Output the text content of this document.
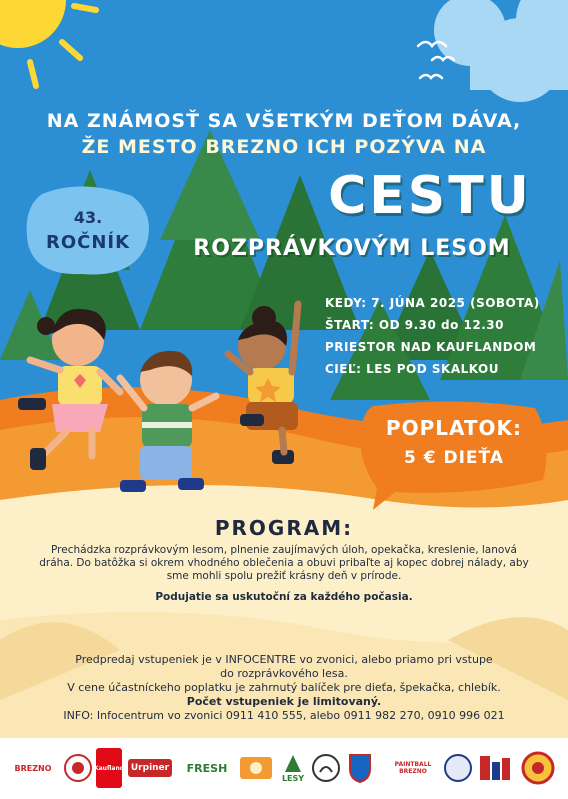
NA ZNÁMOSŤ SA VŠETKÝM DEŤOM DÁVA,
ŽE MESTO BREZNO ICH POZÝVA NA
43.
ROČNÍK
CESTU
ROZPRÁVKOVÝM LESOM
KEDY: 7. JÚNA 2025 (SOBOTA)
ŠTART: OD 9.30 do 12.30
PRIESTOR NAD KAUFLANDOM
CIEĽ: LES POD SKALKOU
POPLATOK:
5 € DIEŤA
PROGRAM:
Prechádzka rozprávkovým lesom, plnenie zaujímavých úloh, opekačka, kreslenie, lanová dráha. Do batôžka si okrem vhodného oblečenia a obuvi pribaľte aj kopec dobrej nálady, aby sme mohli spolu prežiť krásny deň v prírode.
Podujatie sa uskutoční za každého počasia.
Predpredaj vstupeniek je v INFOCENTRE vo zvonici, alebo priamo pri vstupe
do rozprávkového lesa.
V cene účastníckeho poplatku je zahrnutý balíček pre dieťa, špekačka, chlebík.
Počet vstupeniek je limitovaný.
INFO: Infocentrum vo zvonici 0911 410 555, alebo 0911 982 270, 0910 996 021
BREZNO	Kaufland Urpiner FRESH
LESY
PAINTBALL BREZNO
